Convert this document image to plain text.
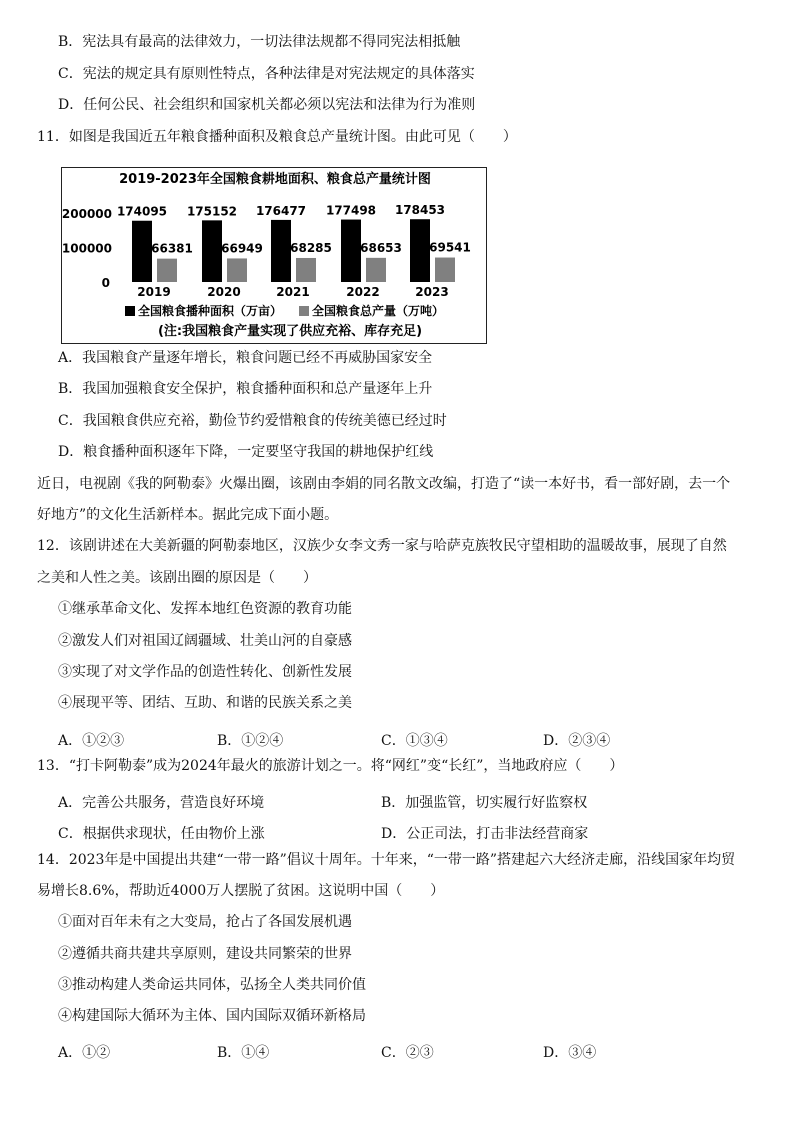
B．宪法具有最高的法律效力，一切法律法规都不得同宪法相抵触
C．宪法的规定具有原则性特点，各种法律是对宪法规定的具体落实
D．任何公民、社会组织和国家机关都必须以宪法和法律为行为准则
11．如图是我国近五年粮食播种面积及粮食总产量统计图。由此可见（　　）
A．我国粮食产量逐年增长，粮食问题已经不再威胁国家安全
B．我国加强粮食安全保护，粮食播种面积和总产量逐年上升
C．我国粮食供应充裕，勤俭节约爱惜粮食的传统美德已经过时
D．粮食播种面积逐年下降，一定要坚守我国的耕地保护红线
近日，电视剧《我的阿勒泰》火爆出圈，该剧由李娟的同名散文改编，打造了“读一本好书，看一部好剧，去一个
好地方”的文化生活新样本。据此完成下面小题。
12．该剧讲述在大美新疆的阿勒泰地区，汉族少女李文秀一家与哈萨克族牧民守望相助的温暖故事，展现了自然
之美和人性之美。该剧出圈的原因是（　　）
①继承革命文化、发挥本地红色资源的教育功能
②激发人们对祖国辽阔疆域、壮美山河的自豪感
③实现了对文学作品的创造性转化、创新性发展
④展现平等、团结、互助、和谐的民族关系之美
13．“打卡阿勒泰”成为2024年最火的旅游计划之一。将“网红”变“长红”，当地政府应（　　）
14．2023年是中国提出共建“一带一路”倡议十周年。十年来，“一带一路”搭建起六大经济走廊，沿线国家年均贸
易增长8.6%，帮助近4000万人摆脱了贫困。这说明中国（　　）
①面对百年未有之大变局，抢占了各国发展机遇
②遵循共商共建共享原则，建设共同繁荣的世界
③推动构建人类命运共同体，弘扬全人类共同价值
④构建国际大循环为主体、国内国际双循环新格局
A．①②③	B．①②④	C．①③④	D．②③④
A．完善公共服务，营造良好环境	B．加强监管，切实履行好监察权
C．根据供求现状，任由物价上涨	D．公正司法，打击非法经营商家
A．①②	B．①④	C．②③	D．③④
2019-2023年全国粮食耕地面积、粮食总产量统计图
200000
100000
0
174095
66381
2019
175152
66949
2020
176477
68285
2021
177498
68653
2022
178453
69541
2023
全国粮食播种面积（万亩） 全国粮食总产量（万吨）
(注:我国粮食产量实现了供应充裕、库存充足)
